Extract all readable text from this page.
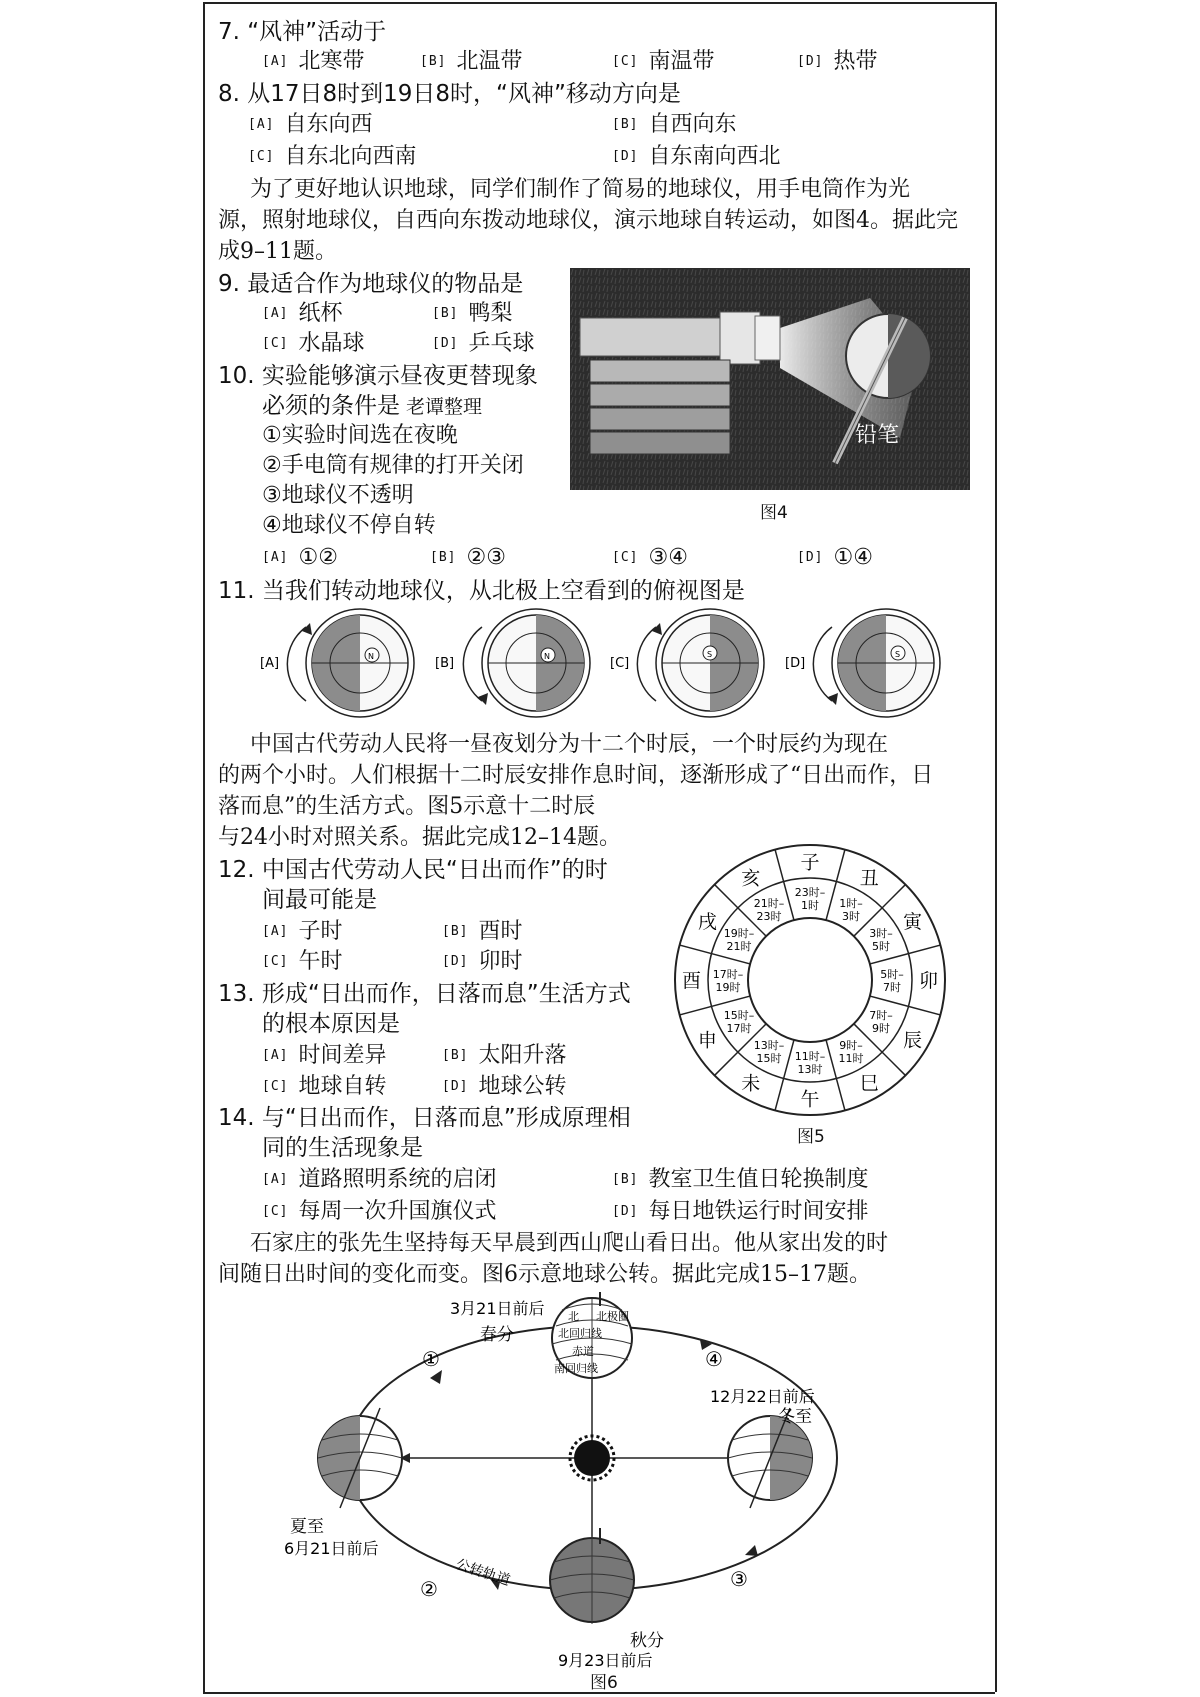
7. “风神”活动于
[A] 北寒带	[B] 北温带	[C] 南温带	[D] 热带
8. 从17日8时到19日8时，“风神”移动方向是
[A] 自东向西	[B] 自西向东
[C] 自东北向西南	[D] 自东南向西北
为了更好地认识地球，同学们制作了简易的地球仪，用手电筒作为光
源，照射地球仪，自西向东拨动地球仪，演示地球自转运动，如图4。据此完
成9–11题。
9. 最适合作为地球仪的物品是
[A] 纸杯	[B] 鸭梨
[C] 水晶球	[D] 乒乓球
10. 实验能够演示昼夜更替现象
必须的条件是 老谭整理
①实验时间选在夜晚
②手电筒有规律的打开关闭
③地球仪不透明
④地球仪不停自转
[A] ①②	[B] ②③	[C] ③④	[D] ①④
铅笔
图4
11. 当我们转动地球仪，从北极上空看到的俯视图是
[A]	N	[B]	N	[C]
S
[D]
S
中国古代劳动人民将一昼夜划分为十二个时辰，一个时辰约为现在
的两个小时。人们根据十二时辰安排作息时间，逐渐形成了“日出而作，日
落而息”的生活方式。图5示意十二时辰
与24小时对照关系。据此完成12–14题。
12. 中国古代劳动人民“日出而作”的时
间最可能是
[A] 子时	[B] 酉时
[C] 午时	[D] 卯时
13. 形成“日出而作，日落而息”生活方式
的根本原因是
[A] 时间差异	[B] 太阳升落
[C] 地球自转	[D] 地球公转
14. 与“日出而作，日落而息”形成原理相
同的生活现象是
[A] 道路照明系统的启闭	[B] 教室卫生值日轮换制度
[C] 每周一次升国旗仪式	[D] 每日地铁运行时间安排
子
23时–
1时
丑
1时–
3时 寅
3时–
5时
卯
5时–
7时
辰
7时–
9时
巳
9时–
11时
午
11时–
13时
未
13时–
15时
申
15时–
17时
酉 17时–
19时
戌
19时–
21时
亥
21时–
23时
图5
石家庄的张先生坚持每天早晨到西山爬山看日出。他从家出发的时
间随日出时间的变化而变。图6示意地球公转。据此完成15–17题。
北 北极圈
北回归线
赤道
南回归线
3月21日前后
春分
夏至
6月21日前后
12月22日前后
冬至
秋分
9月23日前后
公转轨道
①
②	③
④
图6
